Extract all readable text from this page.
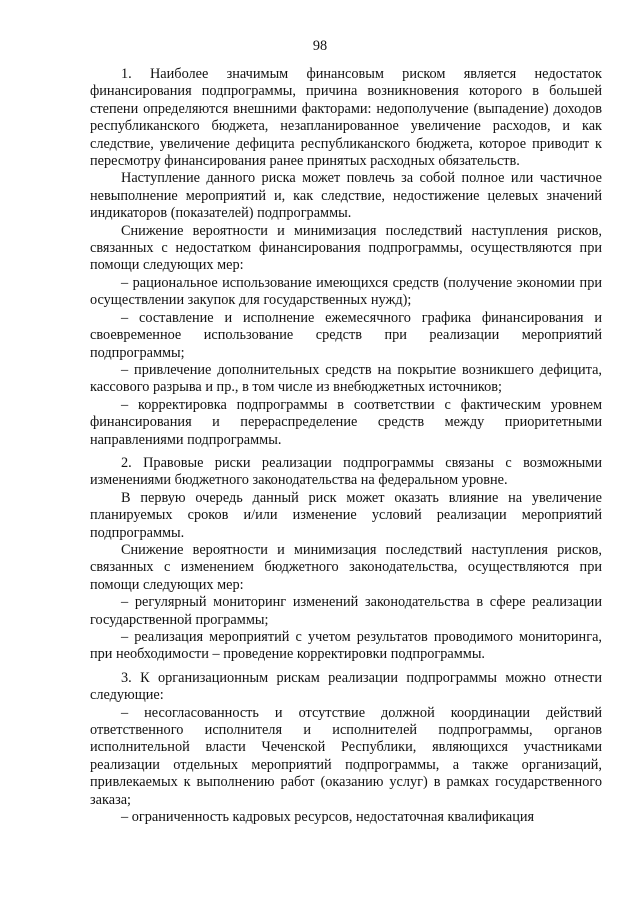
98

1. Наиболее значимым финансовым риском является недостаток финансирования подпрограммы, причина возникновения которого в большей степени определяются внешними факторами: недополучение (выпадение) доходов республиканского бюджета, незапланированное увеличение расходов, и как следствие, увеличение дефицита республиканского бюджета, которое приводит к пересмотру финансирования ранее принятых расходных обязательств.

Наступление данного риска может повлечь за собой полное или частичное невыполнение мероприятий и, как следствие, недостижение целевых значений индикаторов (показателей) подпрограммы.

Снижение вероятности и минимизация последствий наступления рисков, связанных с недостатком финансирования подпрограммы, осуществляются при помощи следующих мер:

– рациональное использование имеющихся средств (получение экономии при осуществлении закупок для государственных нужд);

– составление и исполнение ежемесячного графика финансирования и своевременное использование средств при реализации мероприятий подпрограммы;

– привлечение дополнительных средств на покрытие возникшего дефицита, кассового разрыва и пр., в том числе из внебюджетных источников;

– корректировка подпрограммы в соответствии с фактическим уровнем финансирования и перераспределение средств между приоритетными направлениями подпрограммы.

2. Правовые риски реализации подпрограммы связаны с возможными изменениями бюджетного законодательства на федеральном уровне.

В первую очередь данный риск может оказать влияние на увеличение планируемых сроков и/или изменение условий реализации мероприятий подпрограммы.

Снижение вероятности и минимизация последствий наступления рисков, связанных с изменением бюджетного законодательства, осуществляются при помощи следующих мер:

– регулярный мониторинг изменений законодательства в сфере реализации государственной программы;

– реализация мероприятий с учетом результатов проводимого мониторинга, при необходимости – проведение корректировки подпрограммы.

3. К организационным рискам реализации подпрограммы можно отнести следующие:

– несогласованность и отсутствие должной координации действий ответственного исполнителя и исполнителей подпрограммы, органов исполнительной власти Чеченской Республики, являющихся участниками реализации отдельных мероприятий подпрограммы, а также организаций, привлекаемых к выполнению работ (оказанию услуг) в рамках государственного заказа;

– ограниченность кадровых ресурсов, недостаточная квалификация
